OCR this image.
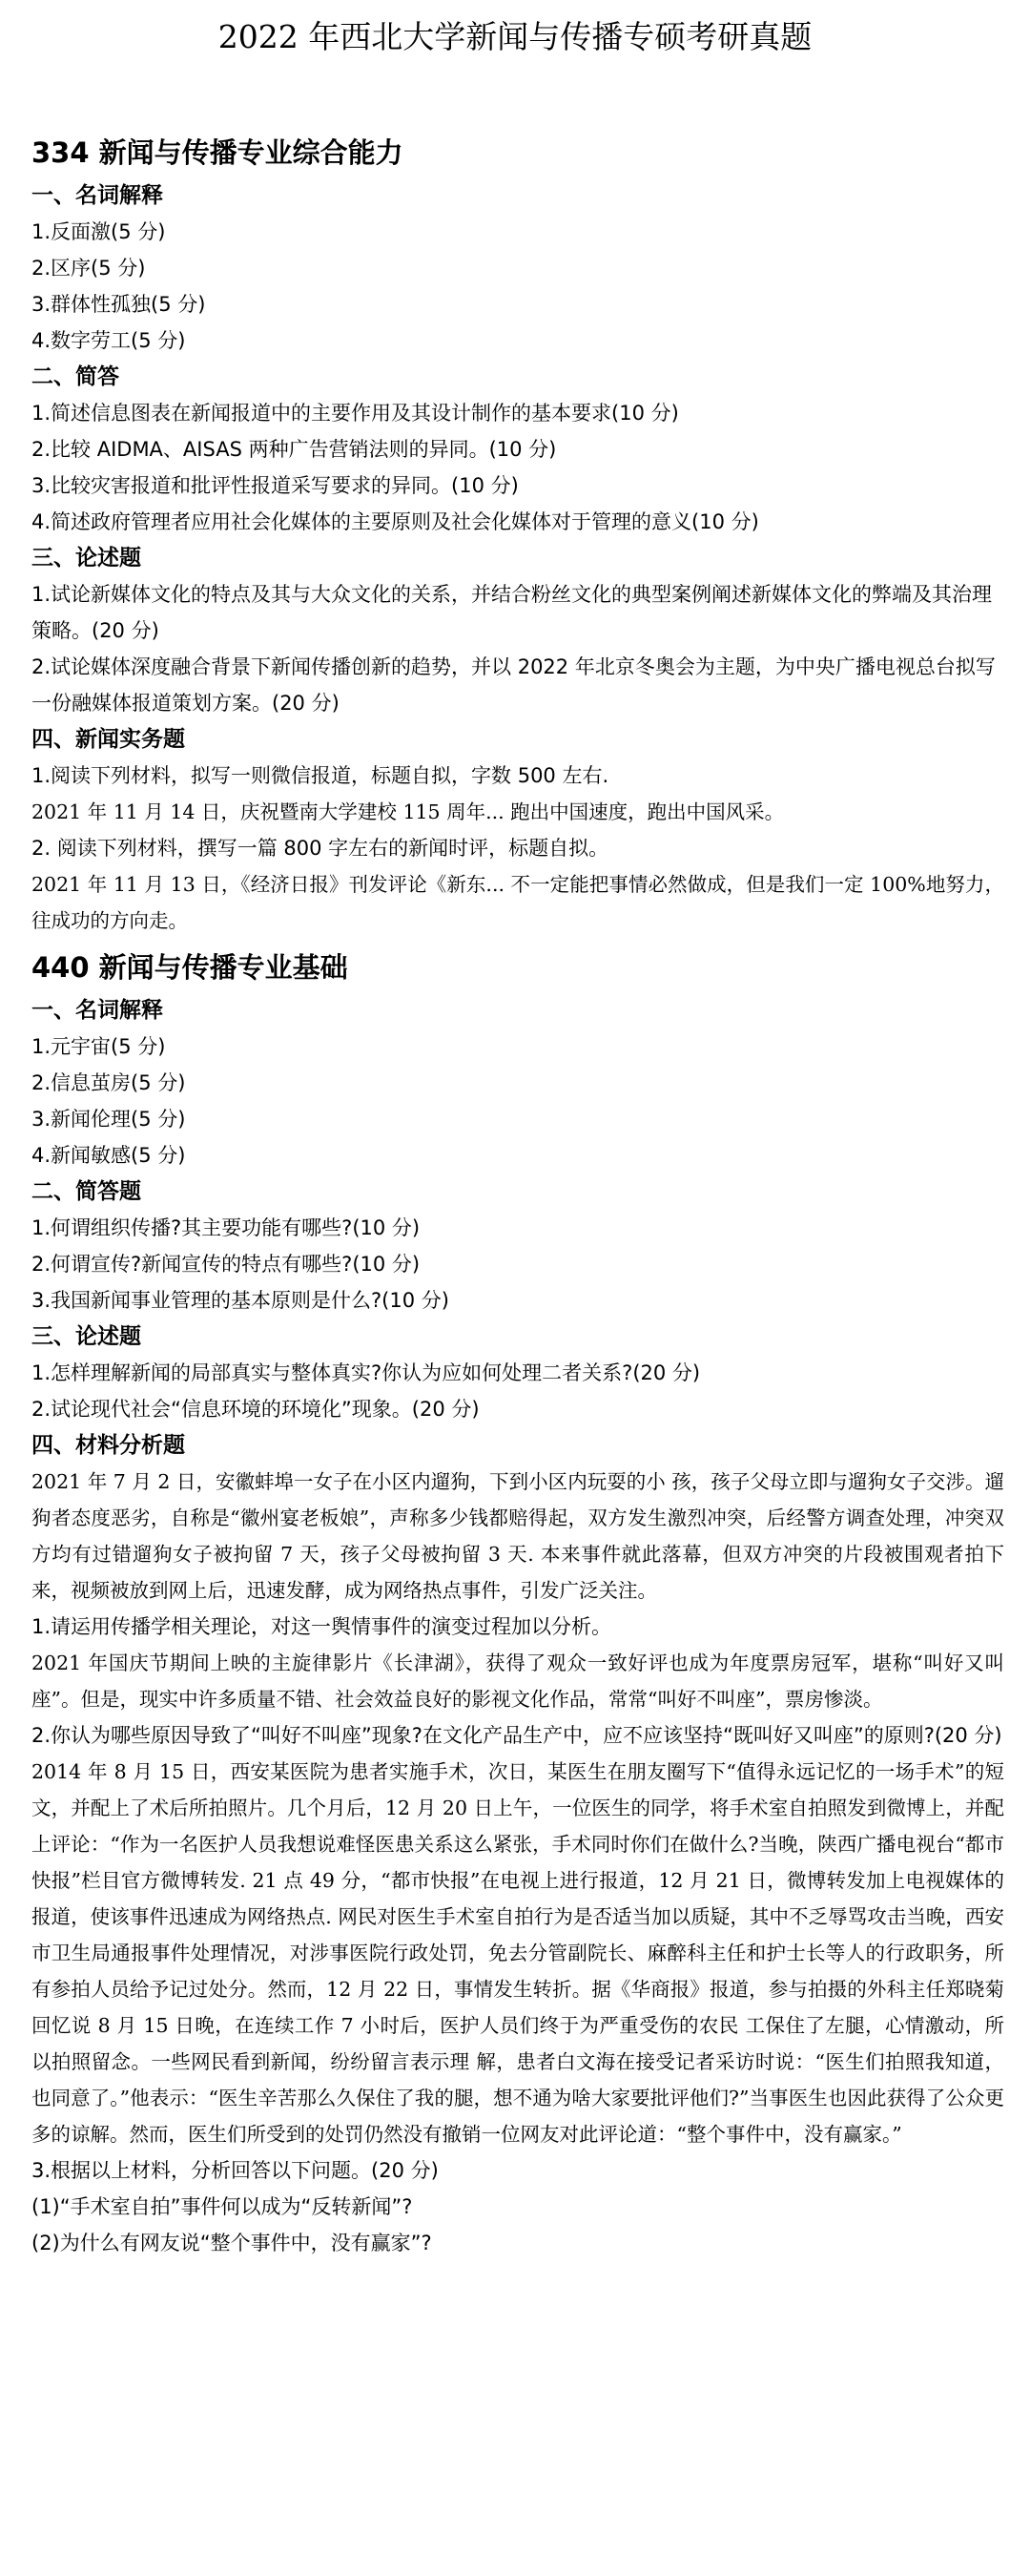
2022 年西北大学新闻与传播专硕考研真题
334 新闻与传播专业综合能力

一、名词解释

1.反面激(5 分)

2.区序(5 分)

3.群体性孤独(5 分)

4.数字劳工(5 分)

二、简答

1.简述信息图表在新闻报道中的主要作用及其设计制作的基本要求(10 分)

2.比较 AIDMA、AISAS 两种广告营销法则的异同。(10 分)

3.比较灾害报道和批评性报道采写要求的异同。(10 分)

4.简述政府管理者应用社会化媒体的主要原则及社会化媒体对于管理的意义(10 分)

三、论述题

1.试论新媒体文化的特点及其与大众文化的关系，并结合粉丝文化的典型案例阐述新媒体文化的弊端及其治理策略。(20 分)

2.试论媒体深度融合背景下新闻传播创新的趋势，并以 2022 年北京冬奥会为主题，为中央广播电视总台拟写一份融媒体报道策划方案。(20 分)

四、新闻实务题

1.阅读下列材料，拟写一则微信报道，标题自拟，字数 500 左右.

2021 年 11 月 14 日，庆祝暨南大学建校 115 周年... 跑出中国速度，跑出中国风采。

2. 阅读下列材料，撰写一篇 800 字左右的新闻时评，标题自拟。

2021 年 11 月 13 日，《经济日报》刊发评论《新东... 不一定能把事情必然做成，但是我们一定 100%地努力，往成功的方向走。

440 新闻与传播专业基础

一、名词解释

1.元宇宙(5 分)

2.信息茧房(5 分)

3.新闻伦理(5 分)

4.新闻敏感(5 分)

二、简答题

1.何谓组织传播?其主要功能有哪些?(10 分)

2.何谓宣传?新闻宣传的特点有哪些?(10 分)

3.我国新闻事业管理的基本原则是什么?(10 分)

三、论述题

1.怎样理解新闻的局部真实与整体真实?你认为应如何处理二者关系?(20 分)

2.试论现代社会“信息环境的环境化”现象。(20 分)

四、材料分析题

2021 年 7 月 2 日，安徽蚌埠一女子在小区内遛狗，下到小区内玩耍的小 孩，孩子父母立即与遛狗女子交涉。遛狗者态度恶劣，自称是“徽州宴老板娘”，声称多少钱都赔得起，双方发生激烈冲突，后经警方调查处理，冲突双方均有过错遛狗女子被拘留 7 天，孩子父母被拘留 3 天. 本来事件就此落幕，但双方冲突的片段被围观者拍下来，视频被放到网上后，迅速发酵，成为网络热点事件，引发广泛关注。

1.请运用传播学相关理论，对这一舆情事件的演变过程加以分析。

2021 年国庆节期间上映的主旋律影片《长津湖》，获得了观众一致好评也成为年度票房冠军，堪称“叫好又叫座”。但是，现实中许多质量不错、社会效益良好的影视文化作品，常常“叫好不叫座”，票房惨淡。

2.你认为哪些原因导致了“叫好不叫座”现象?在文化产品生产中，应不应该坚持“既叫好又叫座”的原则?(20 分)

2014 年 8 月 15 日，西安某医院为患者实施手术，次日，某医生在朋友圈写下“值得永远记忆的一场手术”的短文，并配上了术后所拍照片。几个月后，12 月 20 日上午，一位医生的同学，将手术室自拍照发到微博上，并配上评论：“作为一名医护人员我想说难怪医患关系这么紧张，手术同时你们在做什么?当晚，陕西广播电视台“都市快报”栏目官方微博转发. 21 点 49 分，“都市快报”在电视上进行报道，12 月 21 日，微博转发加上电视媒体的报道，使该事件迅速成为网络热点. 网民对医生手术室自拍行为是否适当加以质疑，其中不乏辱骂攻击当晚，西安市卫生局通报事件处理情况，对涉事医院行政处罚，免去分管副院长、麻醉科主任和护士长等人的行政职务，所有参拍人员给予记过处分。然而，12 月 22 日，事情发生转折。据《华商报》报道，参与拍摄的外科主任郑晓菊回忆说 8 月 15 日晚，在连续工作 7 小时后，医护人员们终于为严重受伤的农民 工保住了左腿，心情激动，所以拍照留念。一些网民看到新闻，纷纷留言表示理 解，患者白文海在接受记者采访时说：“医生们拍照我知道，也同意了。”他表示：“医生辛苦那么久保住了我的腿，想不通为啥大家要批评他们?”当事医生也因此获得了公众更多的谅解。然而，医生们所受到的处罚仍然没有撤销一位网友对此评论道：“整个事件中，没有赢家。”

3.根据以上材料，分析回答以下问题。(20 分)

(1)“手术室自拍”事件何以成为“反转新闻”?

(2)为什么有网友说“整个事件中，没有赢家”?
